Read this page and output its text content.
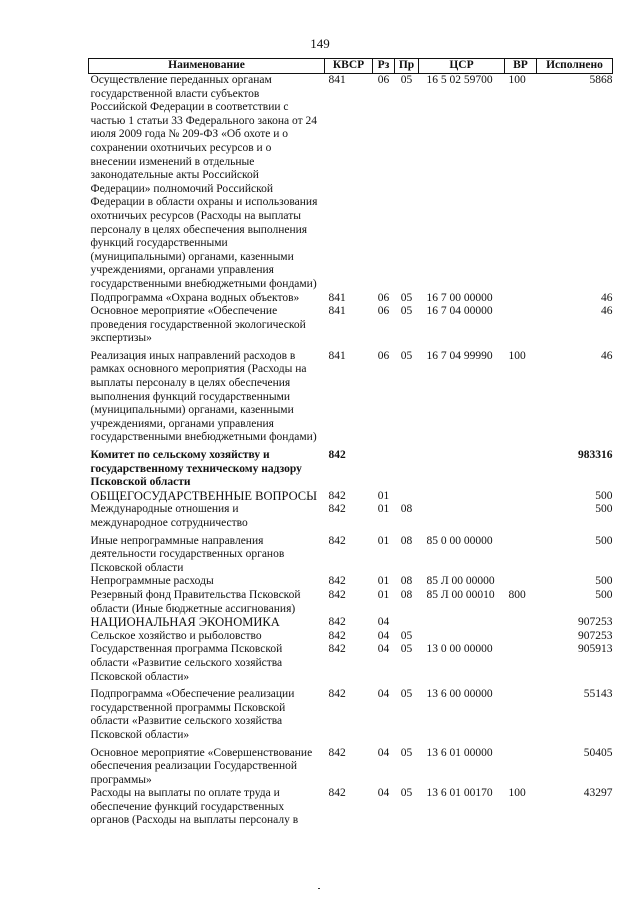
149
Наименование	КВСР	Рз	Пр	ЦСР	ВР	Исполнено
Осуществление переданных органам государственной власти субъектов Российской Федерации в соответствии с частью 1 статьи 33 Федерального закона от 24 июля 2009 года № 209-ФЗ «Об охоте и о сохранении охотничьих ресурсов и о внесении изменений в отдельные законодательные акты Российской Федерации» полномочий Российской Федерации в области охраны и использования охотничьих ресурсов (Расходы на выплаты персоналу в целях обеспечения выполнения функций государственными (муниципальными) органами, казенными учреждениями, органами управления государственными внебюджетными фондами)	841	06	05	16 5 02 59700	100	5868
Подпрограмма «Охрана водных объектов»	841	06	05	16 7 00 00000		46
Основное мероприятие «Обеспечение проведения государственной экологической экспертизы»	841	06	05	16 7 04 00000		46
Реализация иных направлений расходов в рамках основного мероприятия (Расходы на выплаты персоналу в целях обеспечения выполнения функций государственными (муниципальными) органами, казенными учреждениями, органами управления государственными внебюджетными фондами)	841	06	05	16 7 04 99990	100	46
Комитет по сельскому хозяйству и государственному техническому надзору Псковской области	842					983316
ОБЩЕГОСУДАРСТВЕННЫЕ ВОПРОСЫ	842	01				500
Международные отношения и международное сотрудничество	842	01	08			500
Иные непрограммные направления деятельности государственных органов Псковской области	842	01	08	85 0 00 00000		500
Непрограммные расходы	842	01	08	85 Л 00 00000		500
Резервный фонд Правительства Псковской области (Иные бюджетные ассигнования)	842	01	08	85 Л 00 00010	800	500
НАЦИОНАЛЬНАЯ ЭКОНОМИКА	842	04				907253
Сельское хозяйство и рыболовство	842	04	05			907253
Государственная программа Псковской области «Развитие сельского хозяйства Псковской области»	842	04	05	13 0 00 00000		905913
Подпрограмма «Обеспечение реализации государственной программы Псковской области «Развитие сельского хозяйства Псковской области»	842	04	05	13 6 00 00000		55143
Основное мероприятие «Совершенствование обеспечения реализации Государственной программы»	842	04	05	13 6 01 00000		50405
Расходы на выплаты по оплате труда и обеспечение функций государственных органов (Расходы на выплаты персоналу в	842	04	05	13 6 01 00170	100	43297
